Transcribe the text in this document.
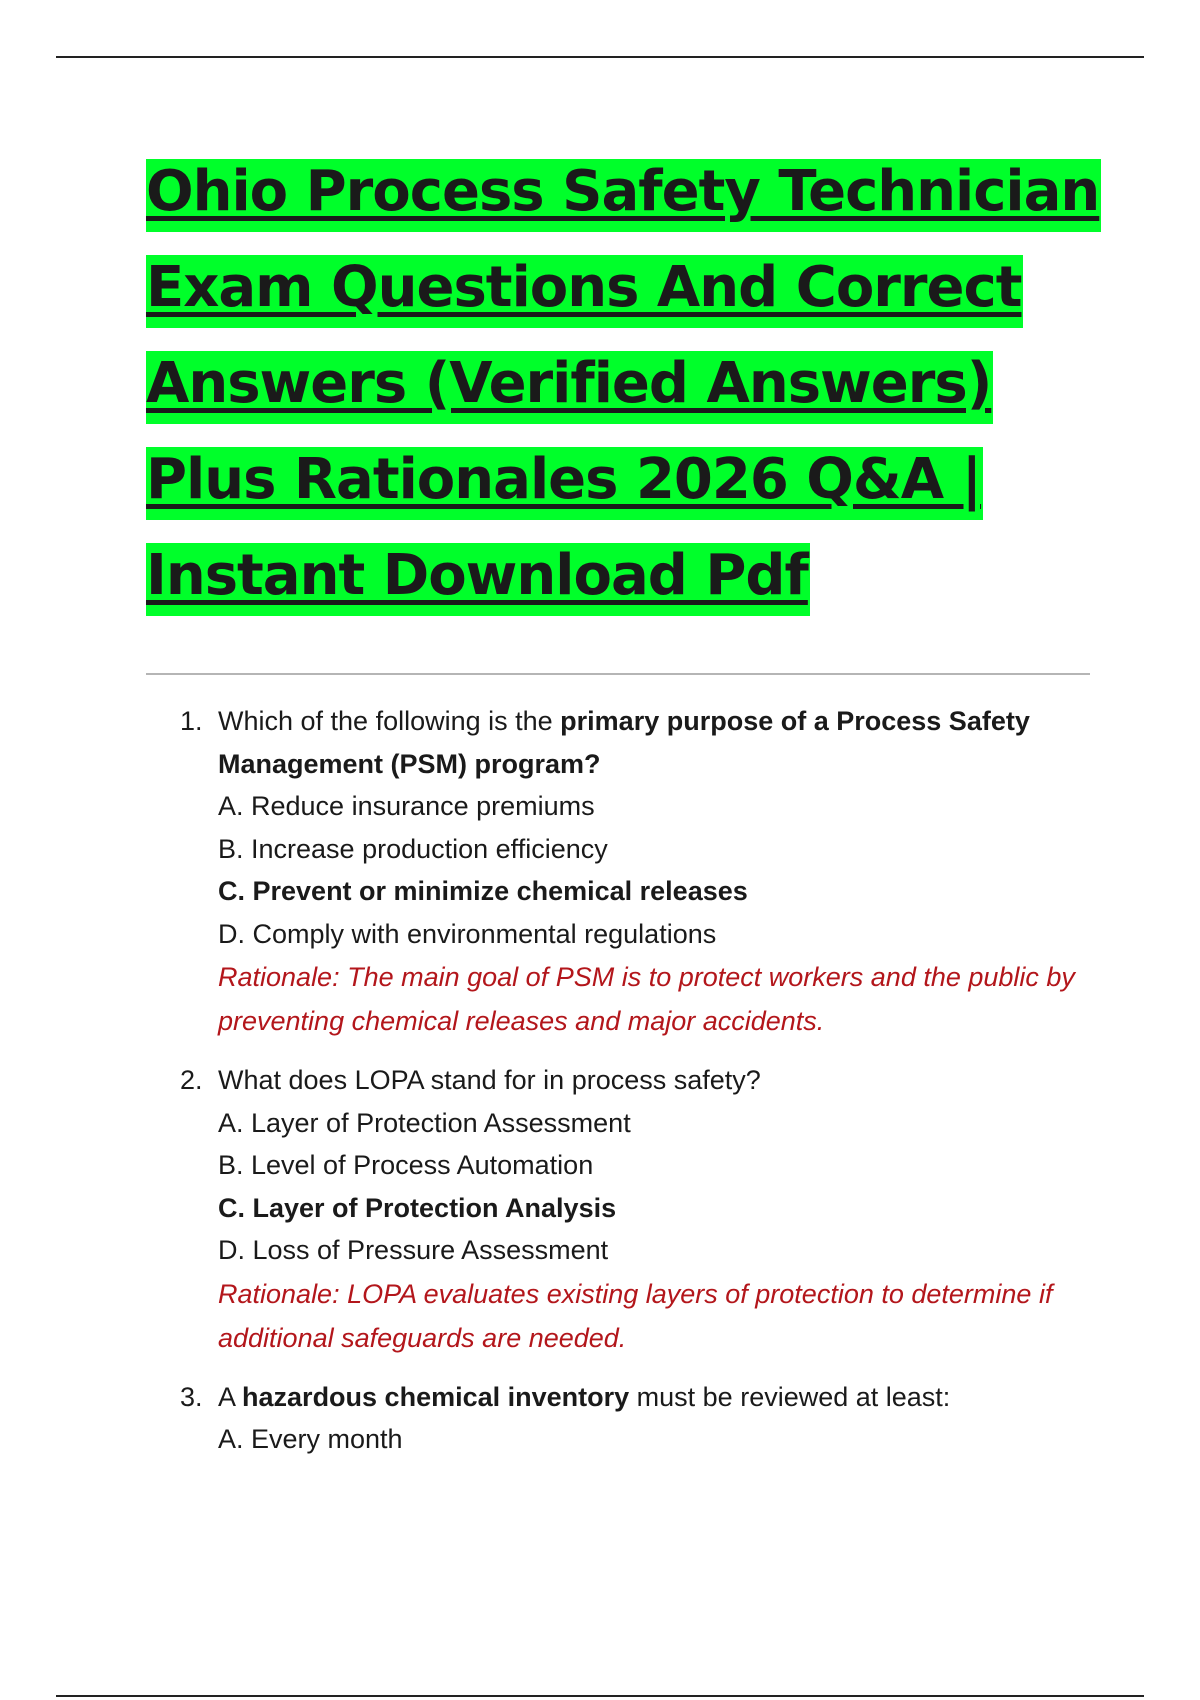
Ohio Process Safety Technician
Exam Questions And Correct
Answers (Verified Answers)
Plus Rationales 2026 Q&A |
Instant Download Pdf
1. Which of the following is the primary purpose of a Process Safety Management (PSM) program?
A. Reduce insurance premiums
B. Increase production efficiency
C. Prevent or minimize chemical releases
D. Comply with environmental regulations
Rationale: The main goal of PSM is to protect workers and the public by preventing chemical releases and major accidents.
2. What does LOPA stand for in process safety?
A. Layer of Protection Assessment
B. Level of Process Automation
C. Layer of Protection Analysis
D. Loss of Pressure Assessment
Rationale: LOPA evaluates existing layers of protection to determine if additional safeguards are needed.
3. A hazardous chemical inventory must be reviewed at least:
A. Every month
